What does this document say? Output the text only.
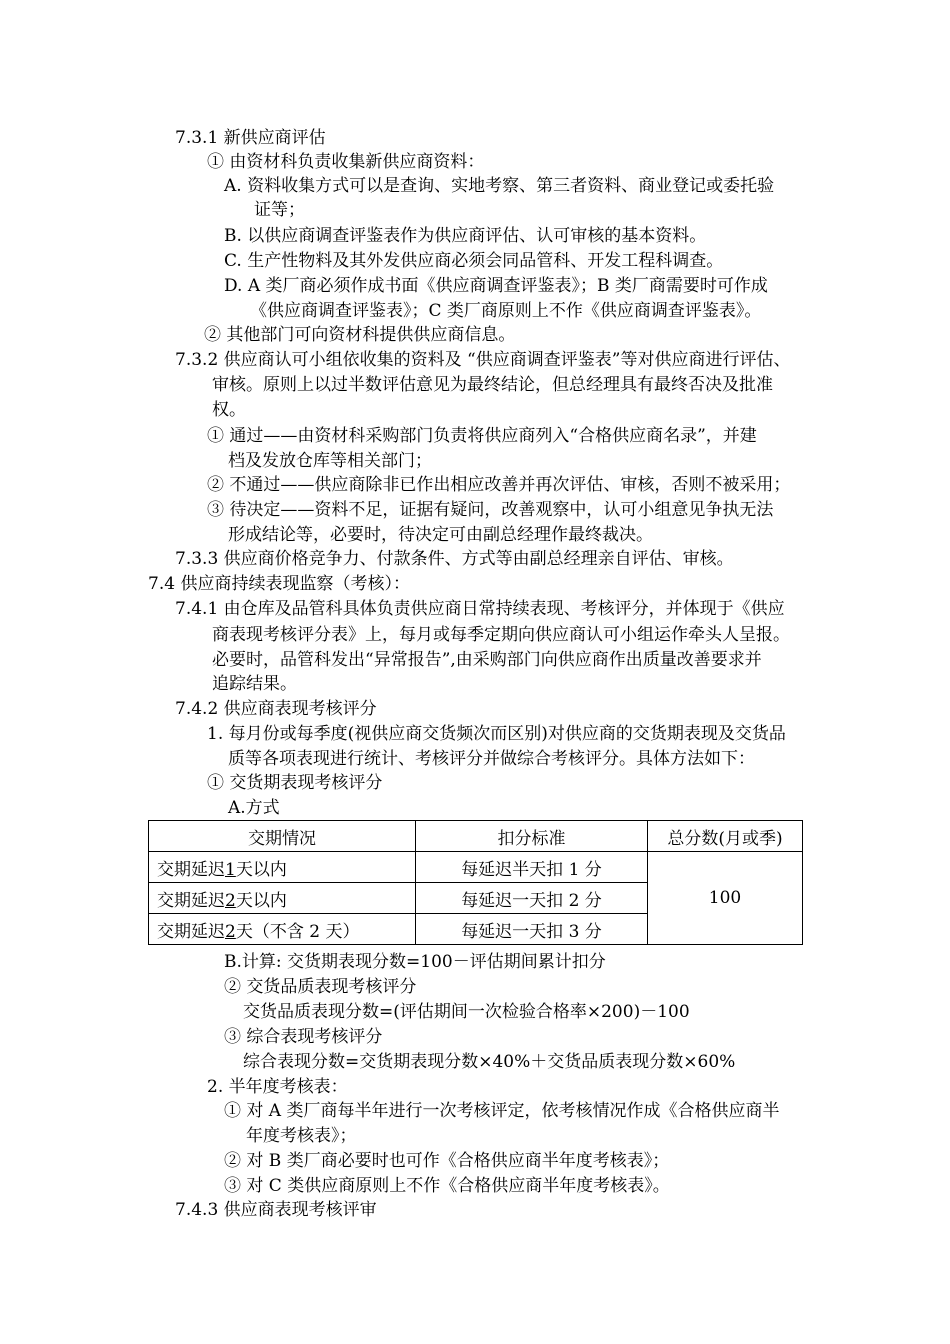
7.3.1 新供应商评估
① 由资材科负责收集新供应商资料：
A. 资料收集方式可以是查询、实地考察、第三者资料、商业登记或委托验
证等；
B. 以供应商调查评鉴表作为供应商评估、认可审核的基本资料。
C. 生产性物料及其外发供应商必须会同品管科、开发工程科调查。
D. A 类厂商必须作成书面《供应商调查评鉴表》；B 类厂商需要时可作成
《供应商调查评鉴表》；C 类厂商原则上不作《供应商调查评鉴表》。
② 其他部门可向资材科提供供应商信息。
7.3.2 供应商认可小组依收集的资料及 “供应商调查评鉴表”等对供应商进行评估、
审核。原则上以过半数评估意见为最终结论，但总经理具有最终否决及批准
权。
① 通过——由资材科采购部门负责将供应商列入“合格供应商名录”，并建
档及发放仓库等相关部门；
② 不通过——供应商除非已作出相应改善并再次评估、审核，否则不被采用；
③ 待决定——资料不足，证据有疑问，改善观察中，认可小组意见争执无法
形成结论等，必要时，待决定可由副总经理作最终裁决。
7.3.3 供应商价格竞争力、付款条件、方式等由副总经理亲自评估、审核。
7.4 供应商持续表现监察（考核）：
7.4.1 由仓库及品管科具体负责供应商日常持续表现、考核评分，并体现于《供应
商表现考核评分表》上，每月或每季定期向供应商认可小组运作牵头人呈报。
必要时，品管科发出“异常报告”,由采购部门向供应商作出质量改善要求并
追踪结果。
7.4.2 供应商表现考核评分
1. 每月份或每季度(视供应商交货频次而区别)对供应商的交货期表现及交货品
质等各项表现进行统计、考核评分并做综合考核评分。具体方法如下：
① 交货期表现考核评分
A.方式
交期情况	扣分标准	总分数(月或季)
交期延迟1天以内	每延迟半天扣 1 分	100
交期延迟2天以内	每延迟一天扣 2 分	
交期延迟2天（不含 2 天）	每延迟一天扣 3 分	
B.计算: 交货期表现分数=100－评估期间累计扣分
② 交货品质表现考核评分
交货品质表现分数=(评估期间一次检验合格率×200)－100
③ 综合表现考核评分
综合表现分数=交货期表现分数×40%＋交货品质表现分数×60%
2. 半年度考核表：
① 对 A 类厂商每半年进行一次考核评定，依考核情况作成《合格供应商半
年度考核表》；
② 对 B 类厂商必要时也可作《合格供应商半年度考核表》；
③ 对 C 类供应商原则上不作《合格供应商半年度考核表》。
7.4.3 供应商表现考核评审
